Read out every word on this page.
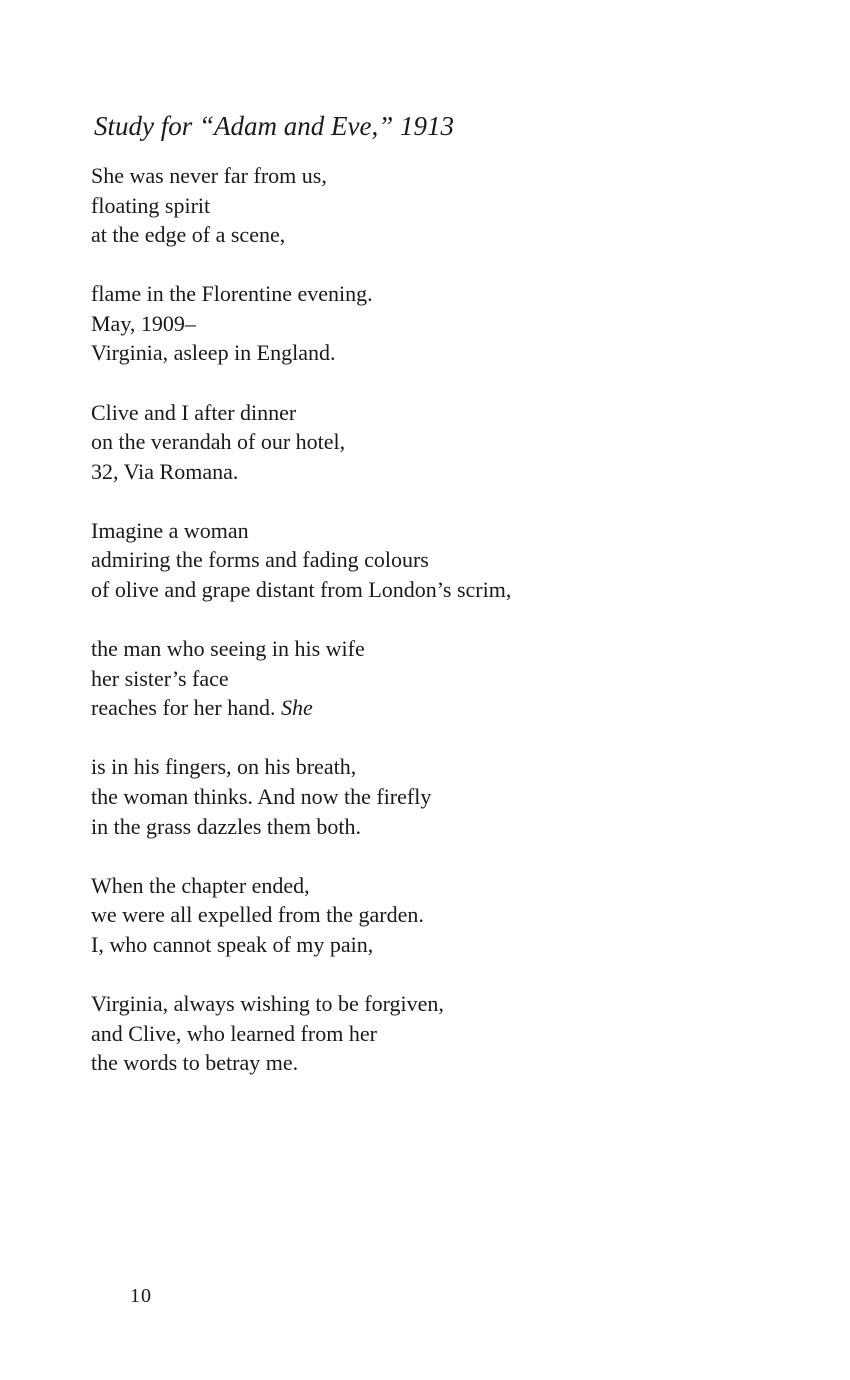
Study for “Adam and Eve,” 1913

She was never far from us,
floating spirit
at the edge of a scene,

flame in the Florentine evening.
May, 1909–
Virginia, asleep in England.

Clive and I after dinner
on the verandah of our hotel,
32, Via Romana.

Imagine a woman
admiring the forms and fading colours
of olive and grape distant from London’s scrim,

the man who seeing in his wife
her sister’s face
reaches for her hand. She

is in his fingers, on his breath,
the woman thinks. And now the firefly
in the grass dazzles them both.

When the chapter ended,
we were all expelled from the garden.
I, who cannot speak of my pain,

Virginia, always wishing to be forgiven,
and Clive, who learned from her
the words to betray me.

10
